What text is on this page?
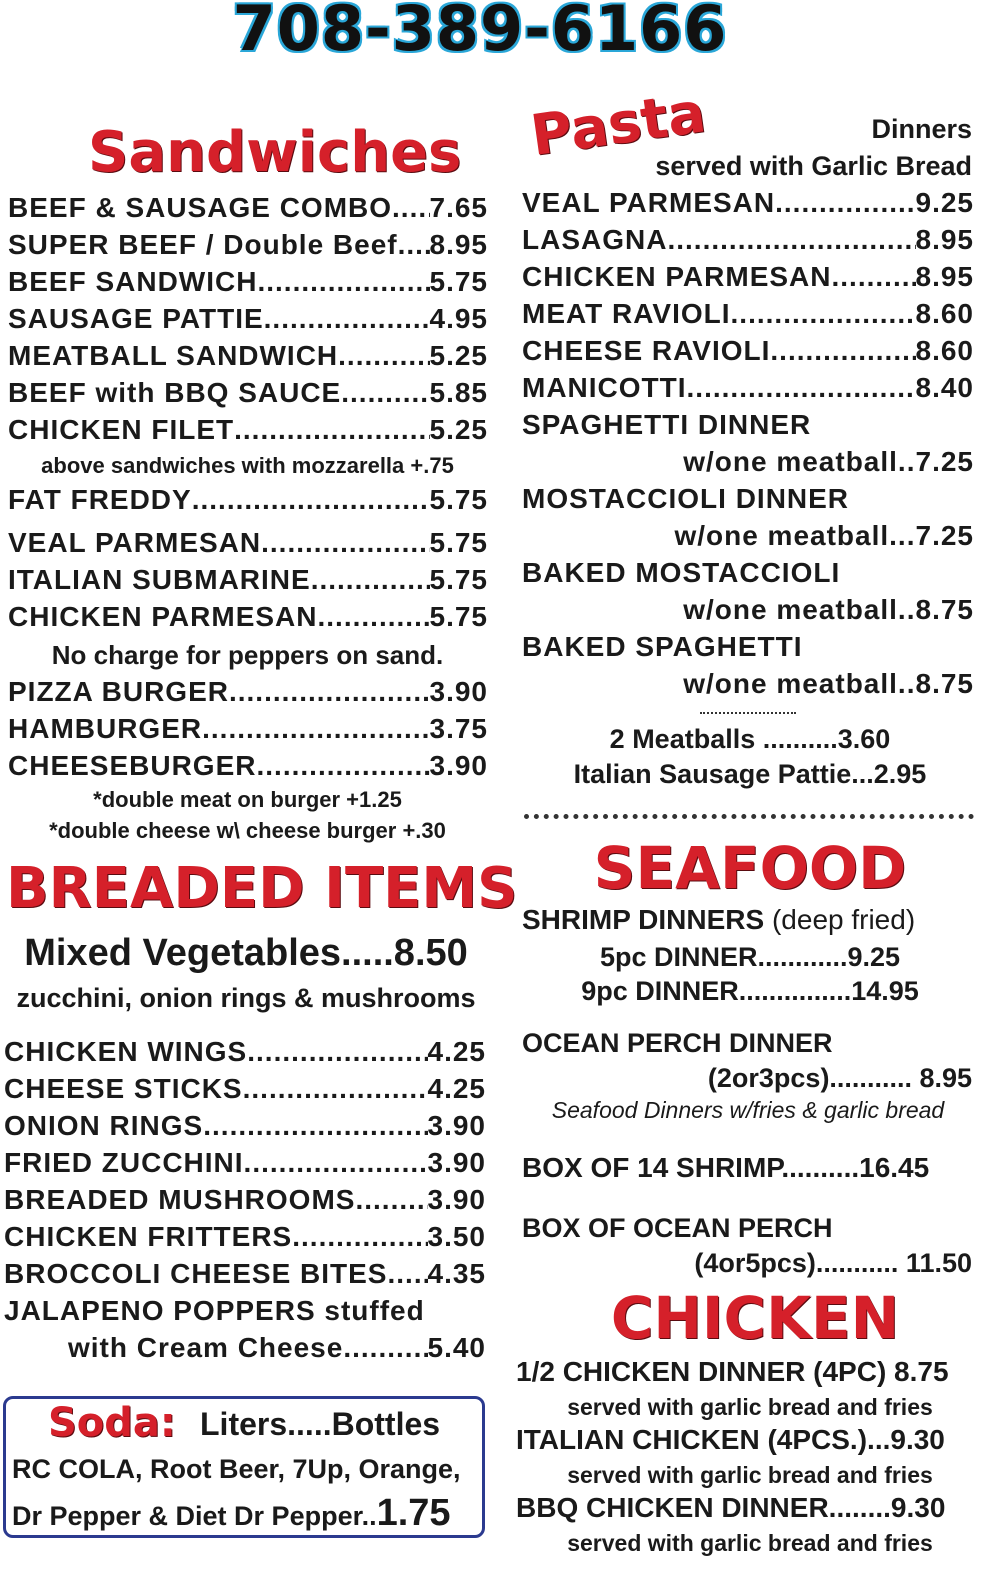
708-389-6166
Sandwiches
BEEF & SAUSAGE COMBO ..... 7.65
SUPER BEEF / Double Beef ..... 8.95
BEEF SANDWICH .....	5.75
SAUSAGE PATTIE .....	4.95
MEATBALL SANDWICH .....	5.25
BEEF with BBQ SAUCE .....	5.85
CHICKEN FILET .....	5.25
above sandwiches with mozzarella +.75
FAT FREDDY .....	5.75
VEAL PARMESAN .....	5.75
ITALIAN SUBMARINE .....	5.75
CHICKEN PARMESAN .....	5.75
No charge for peppers on sand.
PIZZA BURGER .....	3.90
HAMBURGER .....	3.75
CHEESEBURGER .....	3.90
*double meat on burger +1.25
*double cheese w\ cheese burger +.30
BREADED ITEMS
Mixed Vegetables.....8.50
zucchini, onion rings & mushrooms
CHICKEN WINGS .....	4.25
CHEESE STICKS .....	4.25
ONION RINGS .....	3.90
FRIED ZUCCHINI .....	3.90
BREADED MUSHROOMS. ..... 3.90
CHICKEN FRITTERS .....	3.50
BROCCOLI CHEESE BITES. ..... 4.35
JALAPENO POPPERS stuffed
with Cream Cheese .....	5.40
Soda: Liters.....Bottles
RC COLA, Root Beer, 7Up, Orange,
Dr Pepper & Diet Dr Pepper..1.75
Pasta	Dinners
served with Garlic Bread
VEAL PARMESAN .....	9.25
LASAGNA .....	8.95
CHICKEN PARMESAN .....	8.95
MEAT RAVIOLI .....	8.60
CHEESE RAVIOLI .....	8.60
MANICOTTI .....	8.40
SPAGHETTI DINNER
w/one meatball..7.25
MOSTACCIOLI DINNER
w/one meatball...7.25
BAKED MOSTACCIOLI
w/one meatball..8.75
BAKED SPAGHETTI
w/one meatball..8.75
2 Meatballs ..........3.60
Italian Sausage Pattie...2.95
SEAFOOD
SHRIMP DINNERS (deep fried)
5pc DINNER............9.25
9pc DINNER...............14.95
OCEAN PERCH DINNER
(2or3pcs)........... 8.95
Seafood Dinners w/fries & garlic bread
BOX OF 14 SHRIMP..........16.45
BOX OF OCEAN PERCH
(4or5pcs)........... 11.50
CHICKEN
1/2 CHICKEN DINNER (4PC) 8.75
served with garlic bread and fries
ITALIAN CHICKEN (4PCS.)...9.30
served with garlic bread and fries
BBQ CHICKEN DINNER........9.30
served with garlic bread and fries
